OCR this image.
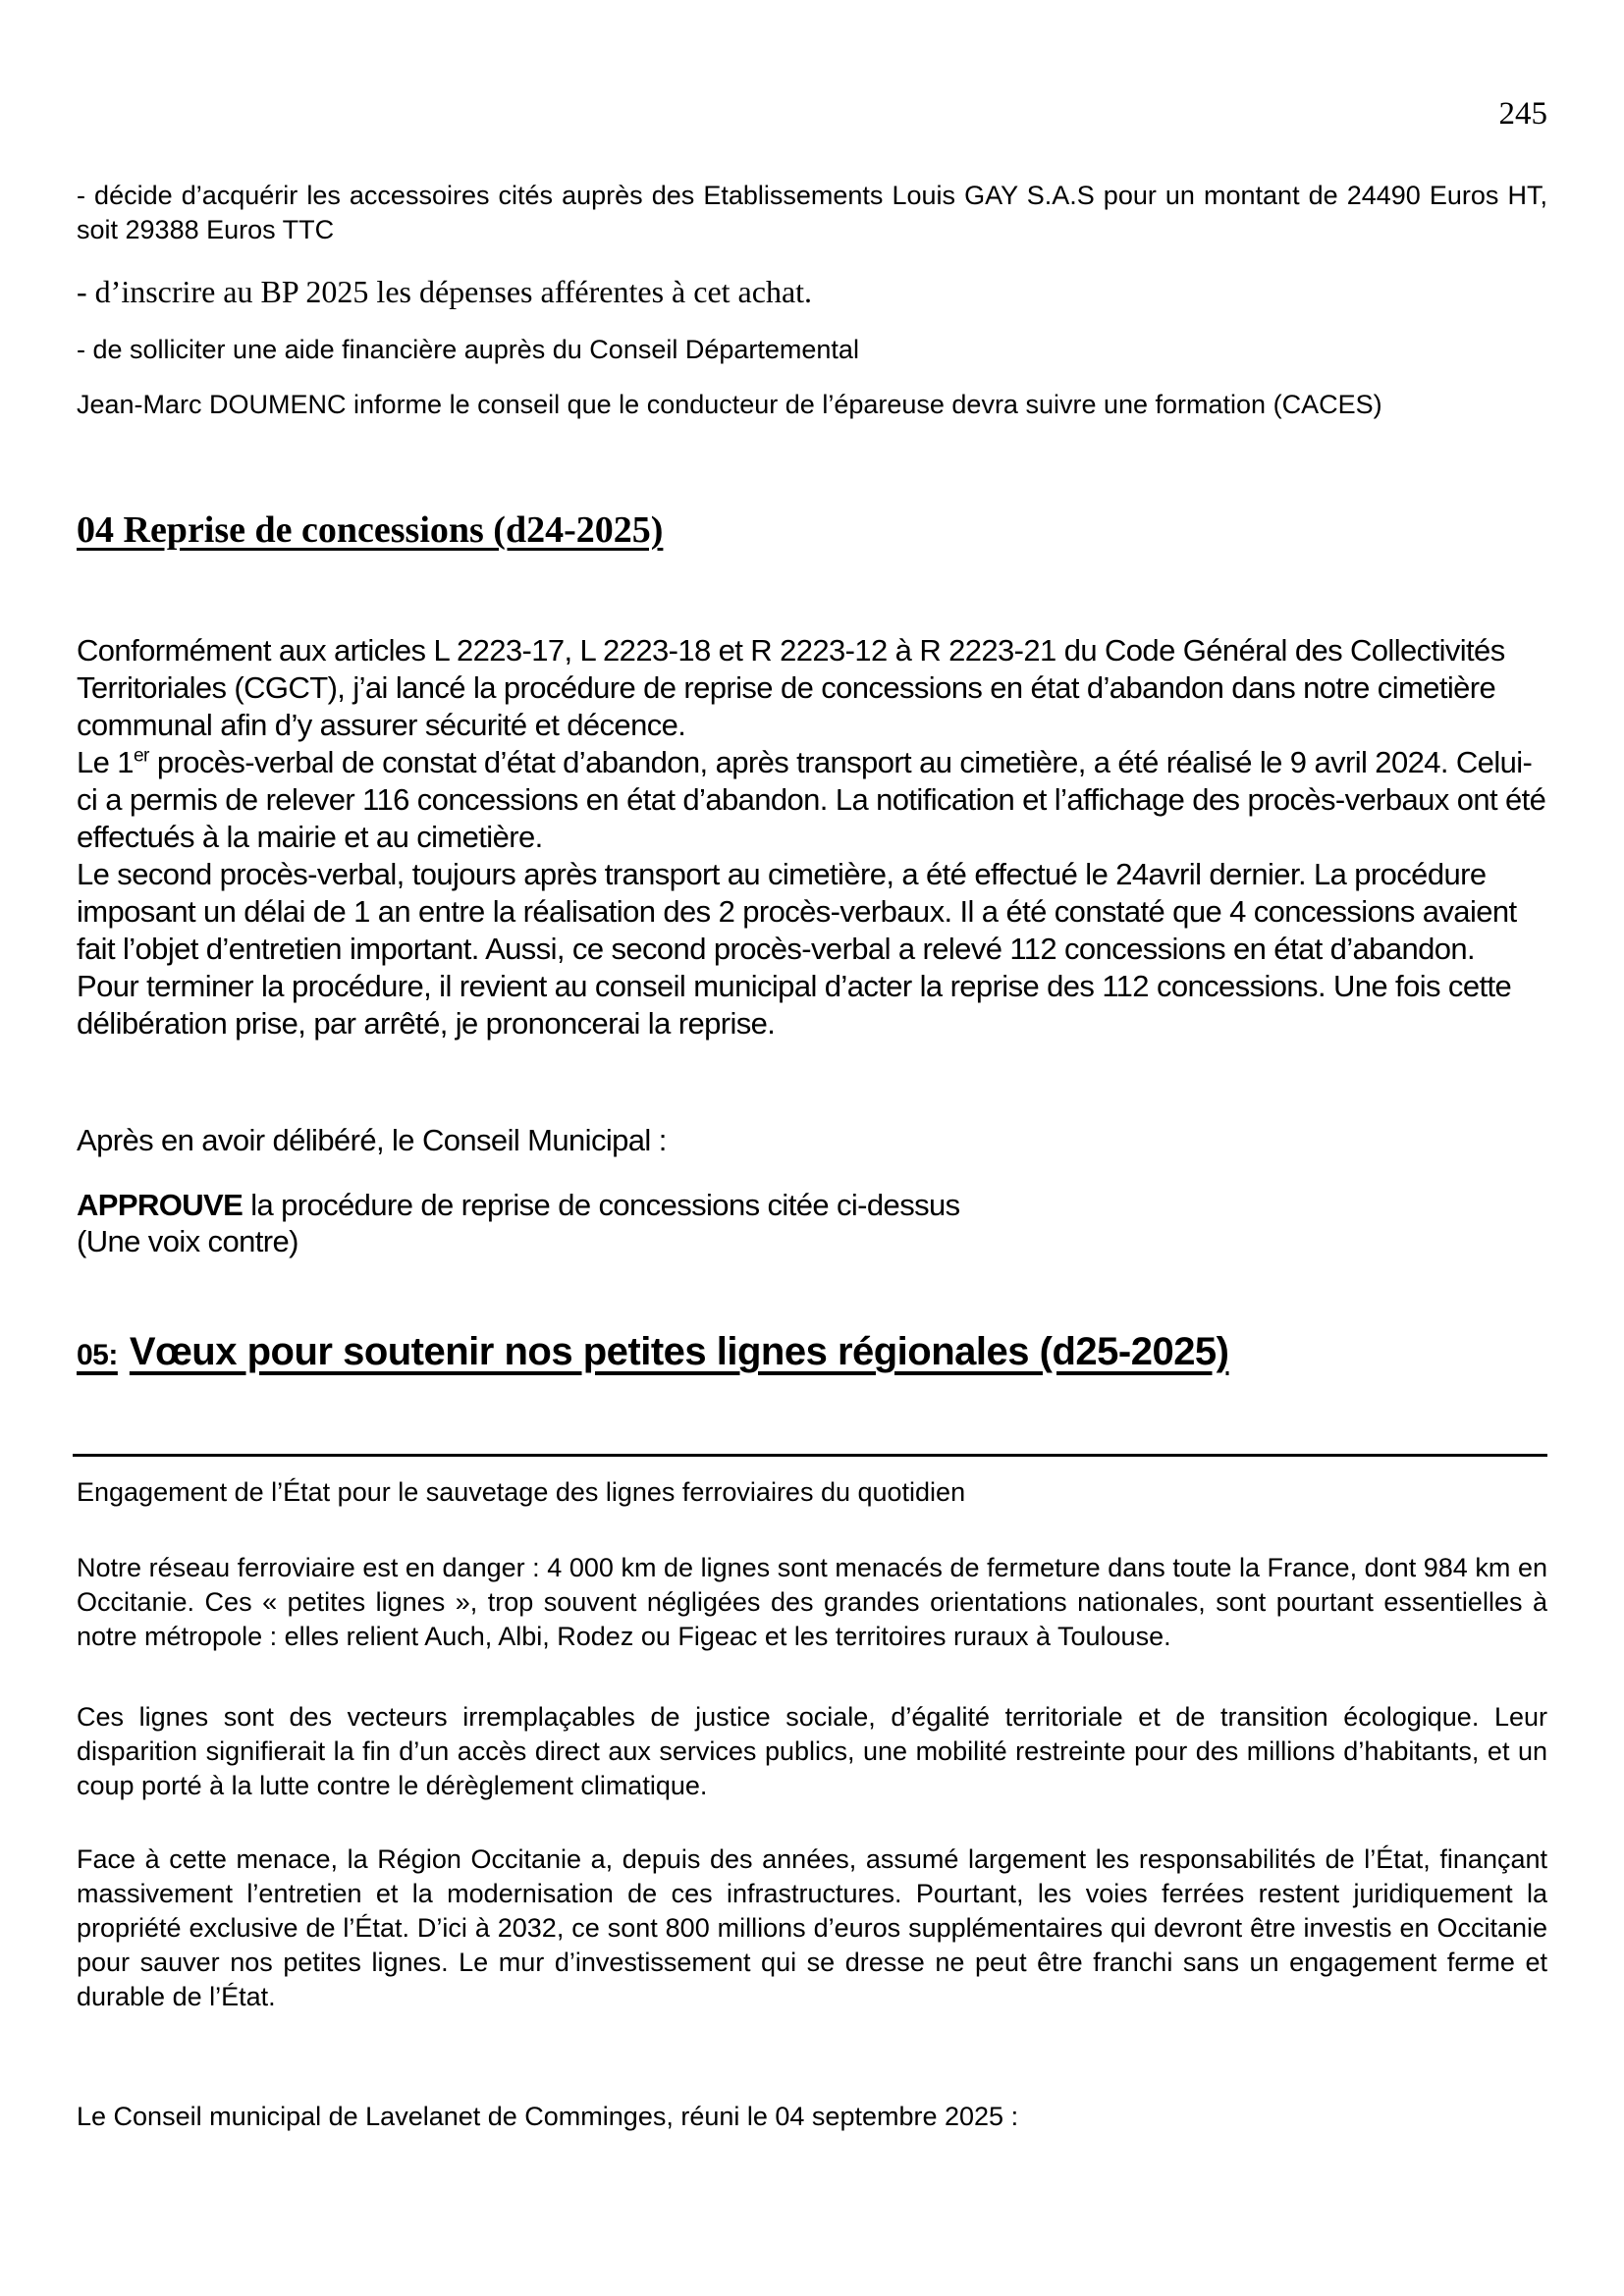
245
- décide d’acquérir les accessoires cités auprès des Etablissements Louis GAY S.A.S pour un montant de 24490 Euros HT, soit 29388 Euros TTC
- d’inscrire au BP 2025 les dépenses afférentes à cet achat.
- de solliciter une aide financière auprès du Conseil Départemental
Jean-Marc DOUMENC informe le conseil que le conducteur de l’épareuse devra suivre une formation (CACES)
04 Reprise de concessions (d24-2025)

Conformément aux articles L 2223-17, L 2223-18 et R 2223-12 à R 2223-21 du Code Général des Collectivités Territoriales (CGCT), j’ai lancé la procédure de reprise de concessions en état d’abandon dans notre cimetière communal afin d’y assurer sécurité et décence.

Le 1er procès-verbal de constat d’état d’abandon, après transport au cimetière, a été réalisé le 9 avril 2024. Celui-ci a permis de relever 116 concessions en état d’abandon. La notification et l’affichage des procès-verbaux ont été effectués à la mairie et au cimetière.

Le second procès-verbal, toujours après transport au cimetière, a été effectué le 24avril dernier. La procédure imposant un délai de 1 an entre la réalisation des 2 procès-verbaux. Il a été constaté que 4 concessions avaient fait l’objet d’entretien important. Aussi, ce second procès-verbal a relevé 112 concessions en état d’abandon.

Pour terminer la procédure, il revient au conseil municipal d’acter la reprise des 112 concessions. Une fois cette délibération prise, par arrêté, je prononcerai la reprise.

Après en avoir délibéré, le Conseil Municipal :
APPROUVE la procédure de reprise de concessions citée ci-dessus
(Une voix contre)
05: Vœux pour soutenir nos petites lignes régionales (d25-2025)
Engagement de l’État pour le sauvetage des lignes ferroviaires du quotidien
Notre réseau ferroviaire est en danger : 4 000 km de lignes sont menacés de fermeture dans toute la France, dont 984 km en Occitanie. Ces « petites lignes », trop souvent négligées des grandes orientations nationales, sont pourtant essentielles à notre métropole : elles relient Auch, Albi, Rodez ou Figeac et les territoires ruraux à Toulouse.
Ces lignes sont des vecteurs irremplaçables de justice sociale, d’égalité territoriale et de transition écologique. Leur disparition signifierait la fin d’un accès direct aux services publics, une mobilité restreinte pour des millions d’habitants, et un coup porté à la lutte contre le dérèglement climatique.
Face à cette menace, la Région Occitanie a, depuis des années, assumé largement les responsabilités de l’État, finançant massivement l’entretien et la modernisation de ces infrastructures. Pourtant, les voies ferrées restent juridiquement la propriété exclusive de l’État. D’ici à 2032, ce sont 800 millions d’euros supplémentaires qui devront être investis en Occitanie pour sauver nos petites lignes. Le mur d’investissement qui se dresse ne peut être franchi sans un engagement ferme et durable de l’État.
Le Conseil municipal de Lavelanet de Comminges, réuni le 04 septembre 2025 :
